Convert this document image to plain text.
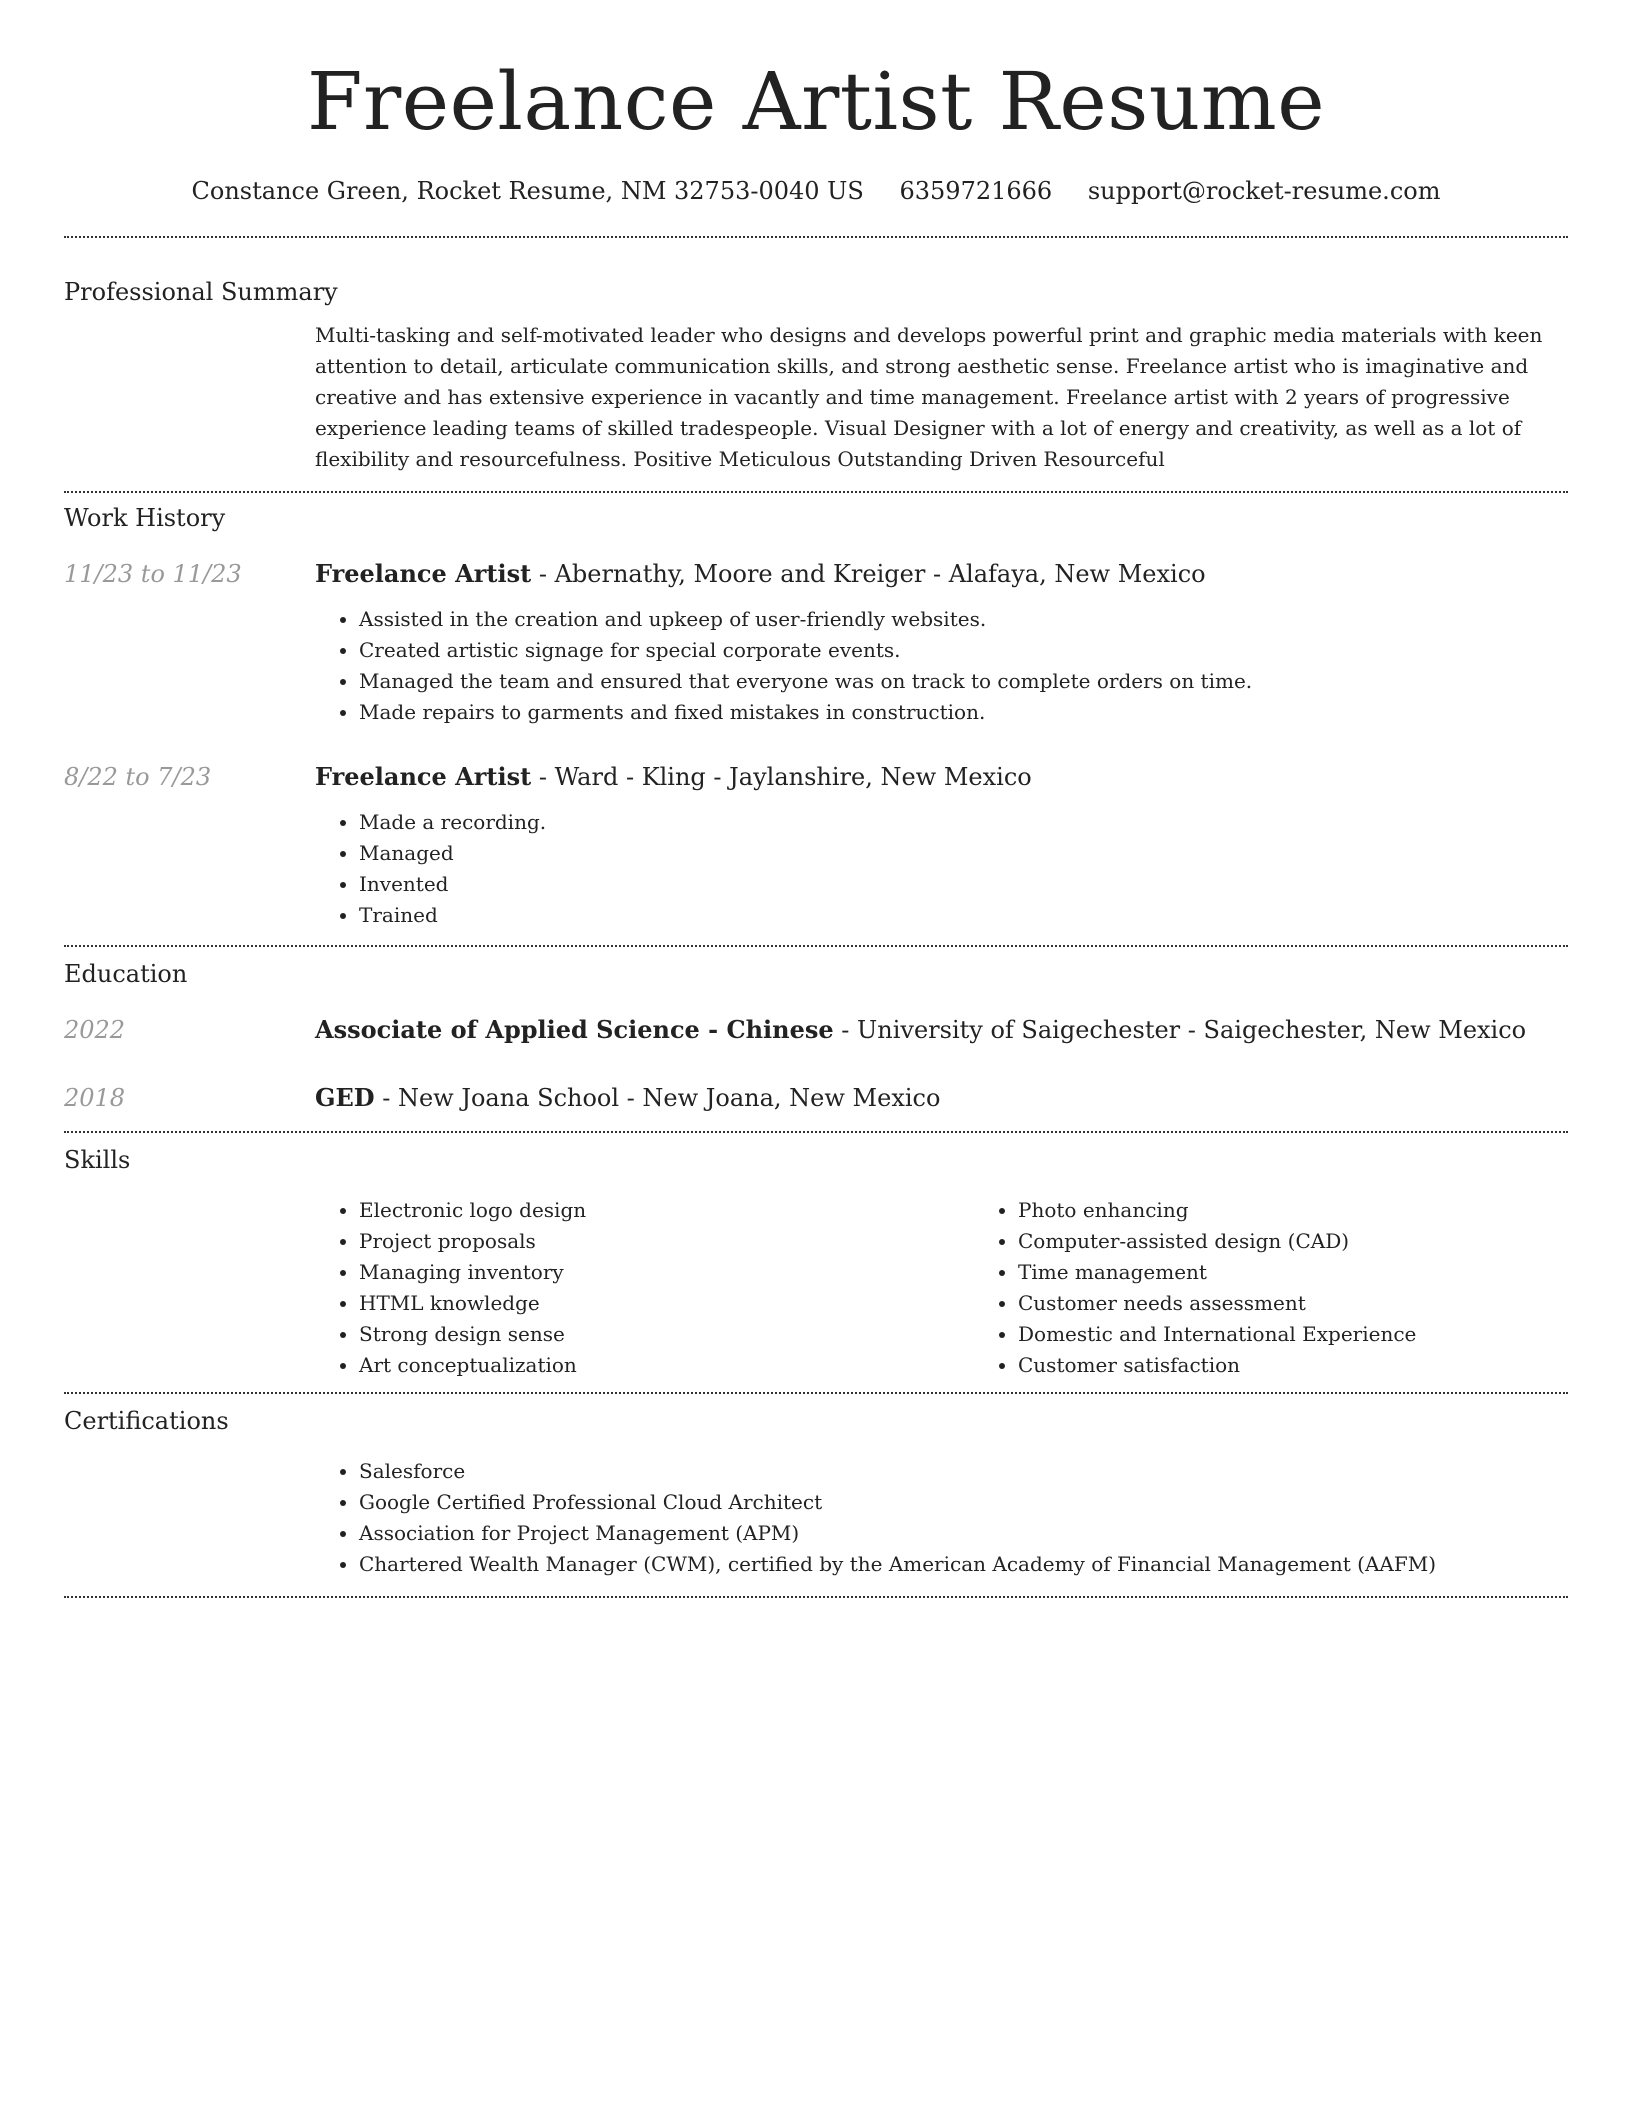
Freelance Artist Resume
Constance Green, Rocket Resume, NM 32753-0040 US 6359721666 support@rocket-resume.com
Professional Summary
Multi-tasking and self-motivated leader who designs and develops powerful print and graphic media materials with keen attention to detail, articulate communication skills, and strong aesthetic sense. Freelance artist who is imaginative and creative and has extensive experience in vacantly and time management. Freelance artist with 2 years of progressive experience leading teams of skilled tradespeople. Visual Designer with a lot of energy and creativity, as well as a lot of flexibility and resourcefulness. Positive Meticulous Outstanding Driven Resourceful
Work History
11/23 to 11/23	Freelance Artist - Abernathy, Moore and Kreiger - Alafaya, New Mexico
• Assisted in the creation and upkeep of user-friendly websites.
• Created artistic signage for special corporate events.
• Managed the team and ensured that everyone was on track to complete orders on time.
• Made repairs to garments and fixed mistakes in construction.
8/22 to 7/23	Freelance Artist - Ward - Kling - Jaylanshire, New Mexico
• Made a recording.
• Managed
• Invented
• Trained
Education
2022	Associate of Applied Science - Chinese - University of Saigechester - Saigechester, New Mexico
2018	GED - New Joana School - New Joana, New Mexico
Skills
• Electronic logo design
• Project proposals
• Managing inventory
• HTML knowledge
• Strong design sense
• Art conceptualization
• Photo enhancing
• Computer-assisted design (CAD)
• Time management
• Customer needs assessment
• Domestic and International Experience
• Customer satisfaction
Certifications
• Salesforce
• Google Certified Professional Cloud Architect
• Association for Project Management (APM)
• Chartered Wealth Manager (CWM), certified by the American Academy of Financial Management (AAFM)
